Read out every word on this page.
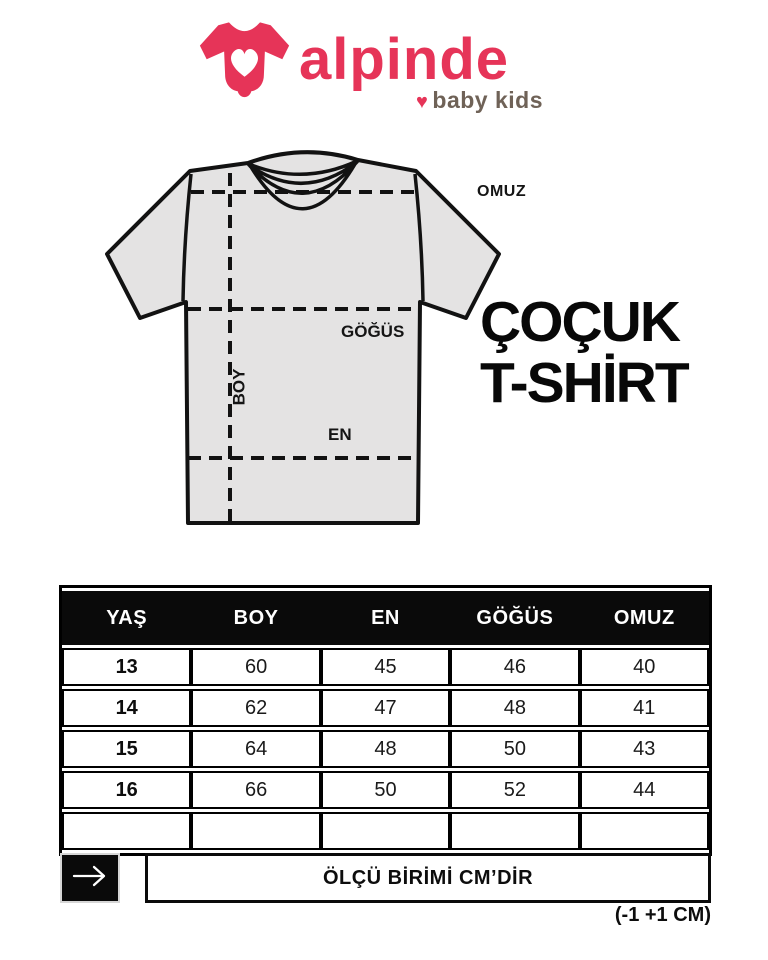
alpinde
♥ baby kids
OMUZ
GÖĞÜS
BOY
EN
ÇOÇUK
T-SHİRT
YAŞ	BOY	EN	GÖĞÜS	OMUZ
13	60	45	46	40
14	62	47	48	41
15	64	48	50	43
16	66	50	52	44

ÖLÇÜ BİRİMİ CM’DİR
(-1 +1 CM)
